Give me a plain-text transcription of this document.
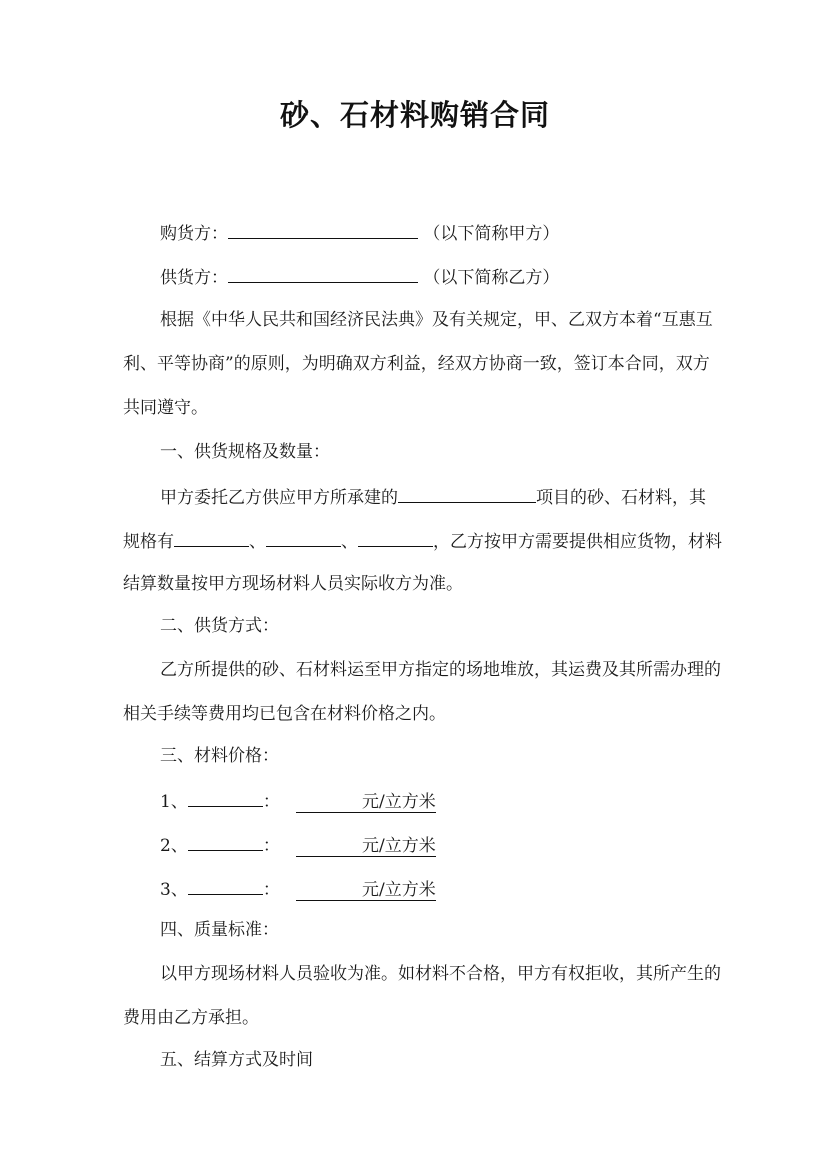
砂、石材料购销合同
购货方：	（以下简称甲方）
供货方：	（以下简称乙方）
根据《中华人民共和国经济民法典》及有关规定，甲、乙双方本着“互惠互
利、平等协商”的原则，为明确双方利益，经双方协商一致，签订本合同，双方
共同遵守。
一、供货规格及数量：
甲方委托乙方供应甲方所承建的	项目的砂、石材料，其
规格有	、	、	，乙方按甲方需要提供相应货物，材料
结算数量按甲方现场材料人员实际收方为准。
二、供货方式：
乙方所提供的砂、石材料运至甲方指定的场地堆放，其运费及其所需办理的
相关手续等费用均已包含在材料价格之内。
三、材料价格：
1、	：	元/立方米
2、	：	元/立方米
3、	：	元/立方米
四、质量标准：
以甲方现场材料人员验收为准。如材料不合格，甲方有权拒收，其所产生的
费用由乙方承担。
五、结算方式及时间
